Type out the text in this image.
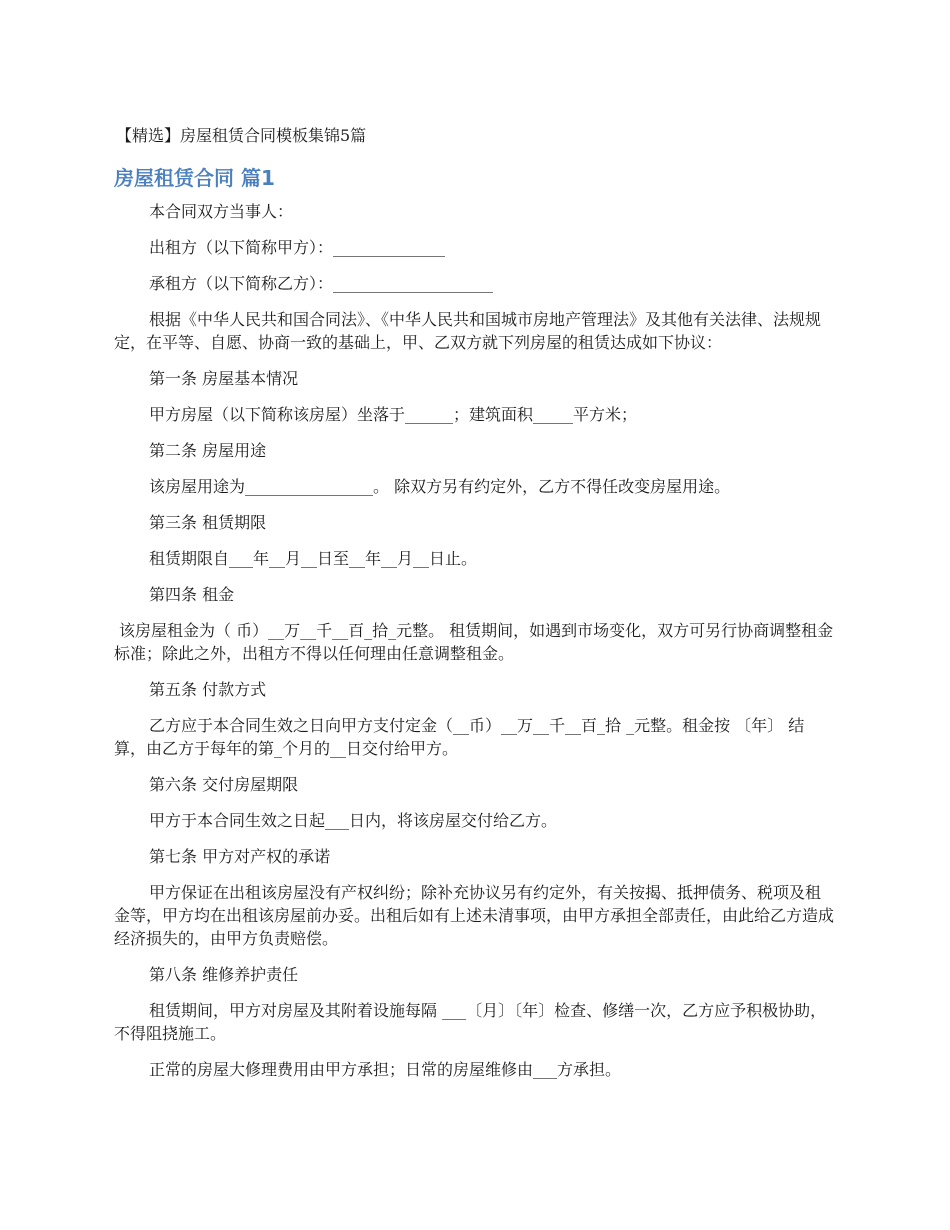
【精选】房屋租赁合同模板集锦5篇
房屋租赁合同 篇1

本合同双方当事人：

出租方（以下简称甲方）：______________

承租方（以下简称乙方）：____________________

根据《中华人民共和国合同法》、《中华人民共和国城市房地产管理法》及其他有关法律、法规规定，在平等、自愿、协商一致的基础上，甲、乙双方就下列房屋的租赁达成如下协议：

第一条 房屋基本情况

甲方房屋（以下简称该房屋）坐落于______；建筑面积_____平方米；

第二条 房屋用途

该房屋用途为________________。 除双方另有约定外，乙方不得任改变房屋用途。

第三条 租赁期限

租赁期限自___年__月__日至__年__月__日止。

第四条 租金

该房屋租金为（ 币）__万__千__百_拾_元整。 租赁期间，如遇到市场变化，双方可另行协商调整租金标准；除此之外，出租方不得以任何理由任意调整租金。

第五条 付款方式

乙方应于本合同生效之日向甲方支付定金（__币）__万__千__百_拾 _元整。租金按 〔年〕 结算，由乙方于每年的第_个月的__日交付给甲方。

第六条 交付房屋期限

甲方于本合同生效之日起___日内，将该房屋交付给乙方。

第七条 甲方对产权的承诺

甲方保证在出租该房屋没有产权纠纷；除补充协议另有约定外，有关按揭、抵押债务、税项及租金等，甲方均在出租该房屋前办妥。出租后如有上述未清事项，由甲方承担全部责任，由此给乙方造成经济损失的，由甲方负责赔偿。

第八条 维修养护责任

租赁期间，甲方对房屋及其附着设施每隔 ___〔月〕〔年〕检查、修缮一次，乙方应予积极协助，不得阻挠施工。

正常的房屋大修理费用由甲方承担；日常的房屋维修由___方承担。
